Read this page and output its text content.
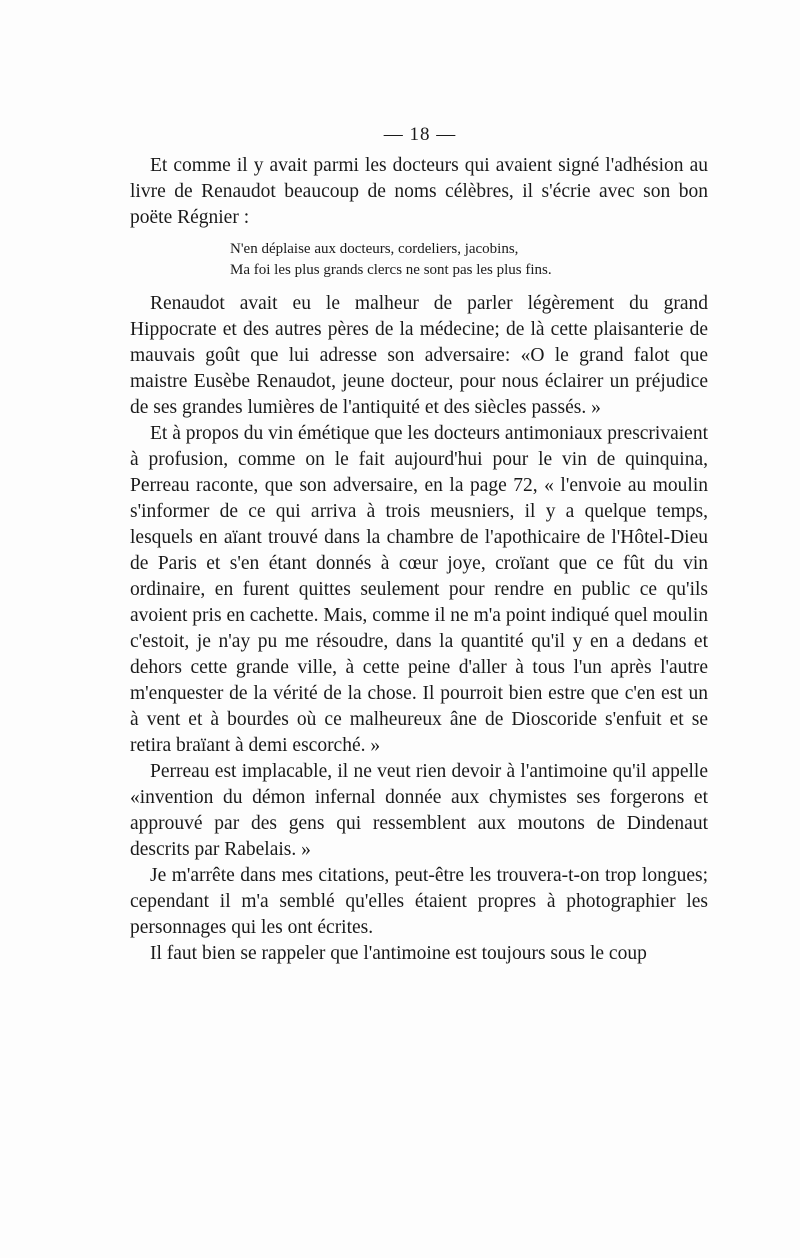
— 18 —

Et comme il y avait parmi les docteurs qui avaient signé l'adhésion au livre de Renaudot beaucoup de noms célèbres, il s'écrie avec son bon poëte Régnier :

N'en déplaise aux docteurs, cordeliers, jacobins,
Ma foi les plus grands clercs ne sont pas les plus fins.

Renaudot avait eu le malheur de parler légèrement du grand Hippocrate et des autres pères de la médecine; de là cette plaisanterie de mauvais goût que lui adresse son adversaire: «O le grand falot que maistre Eusèbe Renaudot, jeune docteur, pour nous éclairer un préjudice de ses grandes lumières de l'antiquité et des siècles passés. »

Et à propos du vin émétique que les docteurs antimoniaux prescrivaient à profusion, comme on le fait aujourd'hui pour le vin de quinquina, Perreau raconte, que son adversaire, en la page 72, « l'envoie au moulin s'informer de ce qui arriva à trois meusniers, il y a quelque temps, lesquels en aïant trouvé dans la chambre de l'apothicaire de l'Hôtel-Dieu de Paris et s'en étant donnés à cœur joye, croïant que ce fût du vin ordinaire, en furent quittes seulement pour rendre en public ce qu'ils avoient pris en cachette. Mais, comme il ne m'a point indiqué quel moulin c'estoit, je n'ay pu me résoudre, dans la quantité qu'il y en a dedans et dehors cette grande ville, à cette peine d'aller à tous l'un après l'autre m'enquester de la vérité de la chose. Il pourroit bien estre que c'en est un à vent et à bourdes où ce malheureux âne de Dioscoride s'enfuit et se retira braïant à demi escorché. »

Perreau est implacable, il ne veut rien devoir à l'antimoine qu'il appelle «invention du démon infernal donnée aux chymistes ses forgerons et approuvé par des gens qui ressemblent aux moutons de Dindenaut descrits par Rabelais. »

Je m'arrête dans mes citations, peut-être les trouvera-t-on trop longues; cependant il m'a semblé qu'elles étaient propres à photographier les personnages qui les ont écrites.

Il faut bien se rappeler que l'antimoine est toujours sous le coup
